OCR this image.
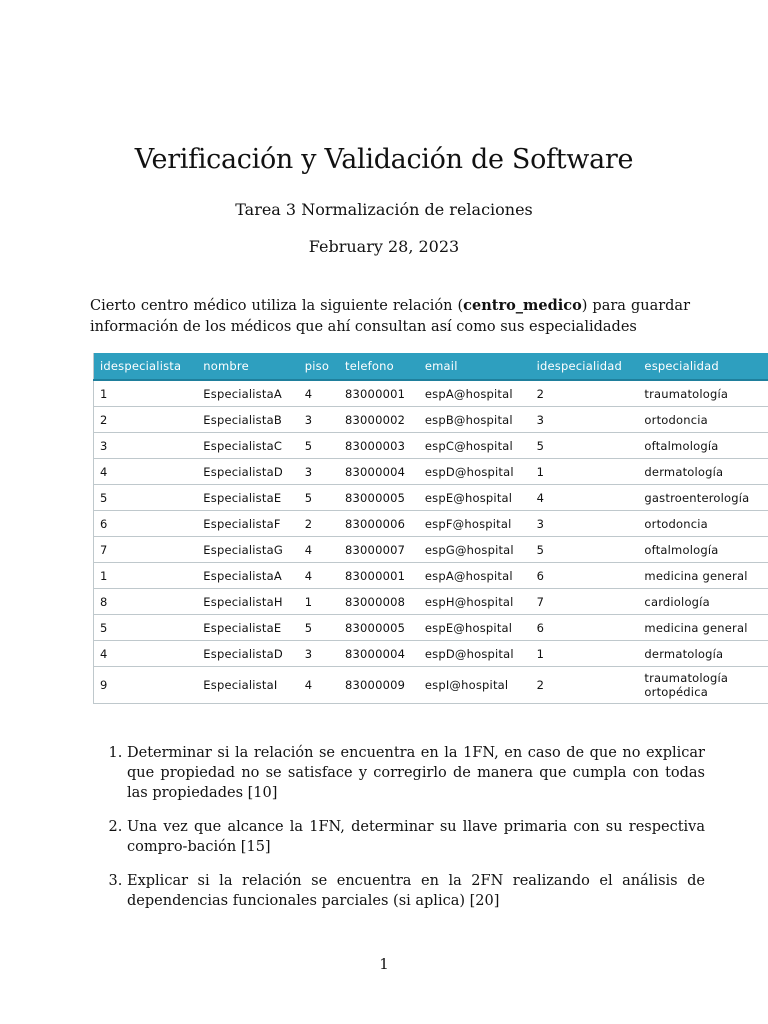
Verificación y Validación de Software
Tarea 3 Normalización de relaciones
February 28, 2023

Cierto centro médico utiliza la siguiente relación (centro_medico) para guardar información de los médicos que ahí consultan así como sus especialidades

idespecialista	nombre	piso	telefono	email	idespecialidad	especialidad
1	EspecialistaA	4	83000001	espA@hospital	2	traumatología
2	EspecialistaB	3	83000002	espB@hospital	3	ortodoncia
3	EspecialistaC	5	83000003	espC@hospital	5	oftalmología
4	EspecialistaD	3	83000004	espD@hospital	1	dermatología
5	EspecialistaE	5	83000005	espE@hospital	4	gastroenterología
6	EspecialistaF	2	83000006	espF@hospital	3	ortodoncia
7	EspecialistaG	4	83000007	espG@hospital	5	oftalmología
1	EspecialistaA	4	83000001	espA@hospital	6	medicina general
8	EspecialistaH	1	83000008	espH@hospital	7	cardiología
5	EspecialistaE	5	83000005	espE@hospital	6	medicina general
4	EspecialistaD	3	83000004	espD@hospital	1	dermatología
9	EspecialistaI	4	83000009	espI@hospital	2	traumatología
ortopédica
1. Determinar si la relación se encuentra en la 1FN, en caso de que no explicar que propiedad no se satisface y corregirlo de manera que cumpla con todas las propiedades [10]
2. Una vez que alcance la 1FN, determinar su llave primaria con su respectiva compro-bación [15]
3. Explicar si la relación se encuentra en la 2FN realizando el análisis de dependencias funcionales parciales (si aplica) [20]
1
